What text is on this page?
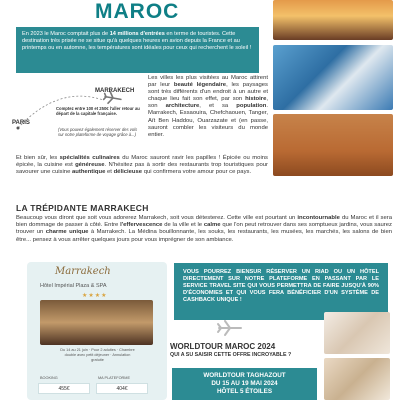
MAROC
En 2023 le Maroc comptait plus de 14 millions d'entrées en terme de touristes. Cette destination très prisée ne se situe qu'à quelques heures en avion depuis la France et au printemps ou en automne, les températures sont idéales pour ceux qui recherchent le soleil !
PARIS
MARRAKECH
Comptez entre 100 et 250€ l'aller retour au départ de la capitale française.
(Vous pouvez également réserver des vols sur notre plateforme de voyage grâce à...)
Les villes les plus visitées au Maroc attirent par leur beauté légendaire, les paysages sont très différents d'un endroit à un autre et chaque lieu fait son effet, par son histoire, son architecture, et sa population. Marrakech, Essaouira, Chefchaouen, Tanger, Aït Ben Haddou, Ouarzazate et (en passe, sauront combler les visiteurs du monde entier.
Et bien sûr, les spécialités culinaires du Maroc sauront ravir les papilles ! Épicée ou moins épicée, la cuisine est généreuse. N'hésitez pas à sortir des restaurants trop touristiques pour savourer une cuisine authentique et délicieuse qui confirmera votre amour pour ce pays.
LA TRÉPIDANTE MARRAKECH
Beaucoup vous diront que soit vous adorerez Marrakech, soit vous détesterez. Cette ville est pourtant un incontournable du Maroc et il sera bien dommage de passer à côté. Entre l'effervescence de la ville et le calme que l'on peut retrouver dans ses somptueux jardins, vous saurez trouver un charme unique à Marrakech. La Médina bouillonnante, les souks, les restaurants, les musées, les marchés, les salons de bien être... pensez à vous arrêter quelques jours pour vous imprégner de son ambiance.
Marrakech
Hôtel Impérial Plaza & SPA
★★★★
Du 14 au 21 juin · Pour 2 adultes · Chambre double avec petit déjeuner · Annulation gratuite
BOOKING	MA PLATEFORME
455€	404€
VOUS POURREZ BIENSUR RÉSERVER UN RIAD OU UN HÔTEL DIRECTEMENT SUR NOTRE PLATEFORME EN PASSANT PAR LE SERVICE TRAVEL SITE QUI VOUS PERMETTRA DE FAIRE JUSQU'À 90% D'ÉCONOMIES ET QUI VOUS FERA BÉNÉFICIER D'UN SYSTÈME DE CASHBACK UNIQUE !
WORLDTOUR MAROC 2024
QUI A SU SAISIR CETTE OFFRE INCROYABLE ?
WORLDTOUR TAGHAZOUT
DU 15 AU 19 MAI 2024
HÔTEL 5 ÉTOILES
